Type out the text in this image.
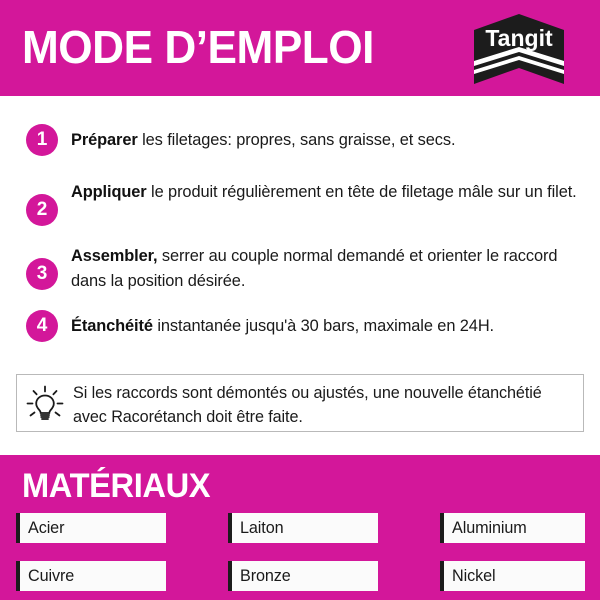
MODE D’EMPLOI	Tangit
1	Préparer les filetages: propres, sans graisse, et secs.
2
Appliquer le produit régulièrement en tête de filetage mâle sur un filet.
3
Assembler, serrer au couple normal demandé et orienter le raccord dans la position désirée.
4	Étanchéité instantanée jusqu'à 30 bars, maximale en 24H.
Si les raccords sont démontés ou ajustés, une nouvelle étanchétié avec Racorétanch doit être faite.
MATÉRIAUX
Acier	Laiton	Aluminium
Cuivre	Bronze	Nickel
